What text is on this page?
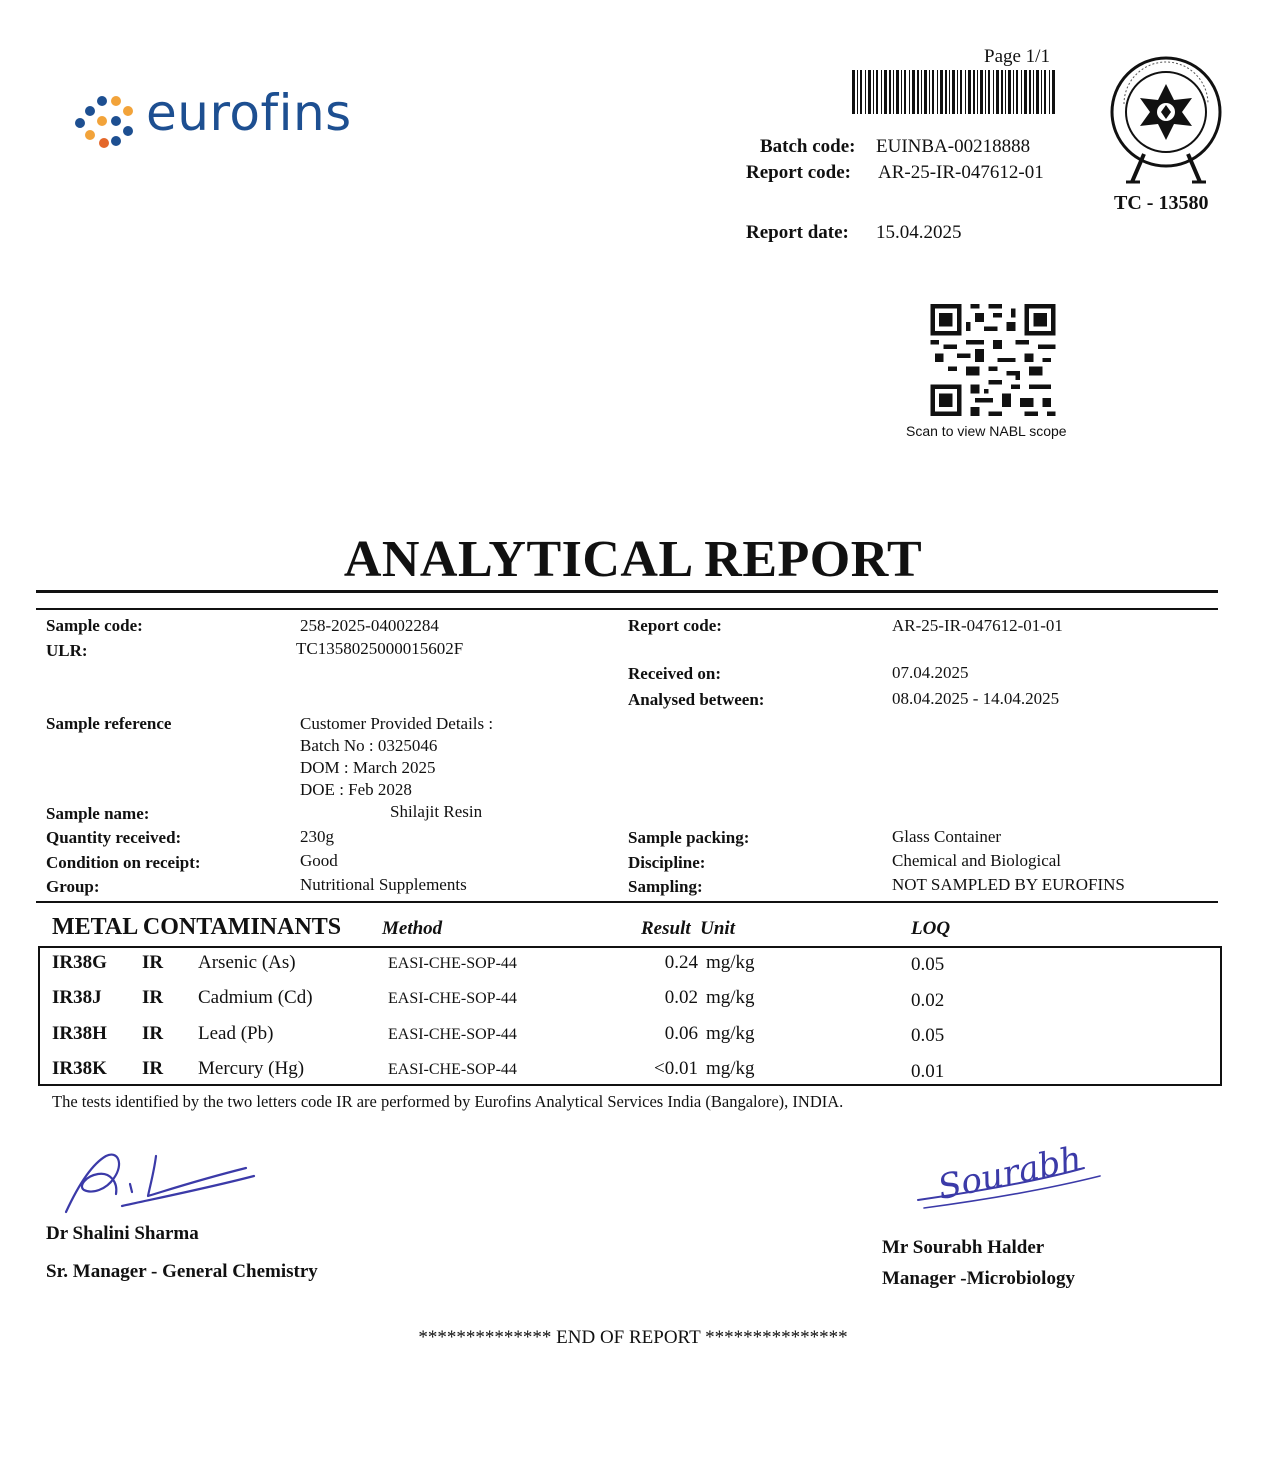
eurofins
Page 1/1
Batch code: EUINBA-00218888
Report code: AR-25-IR-047612-01
Report date: 15.04.2025
TC - 13580
Scan to view NABL scope
ANALYTICAL REPORT
Sample code:	258-2025-04002284
ULR:	TC1358025000015602F
Sample reference	Customer Provided Details :
Batch No : 0325046
DOM : March 2025
DOE : Feb 2028
Sample name:	Shilajit Resin
Quantity received:	230g
Condition on receipt:	Good
Group:	Nutritional Supplements
Report code:	AR-25-IR-047612-01-01
Received on:	07.04.2025
Analysed between:	08.04.2025 - 14.04.2025
Sample packing:	Glass Container
Discipline:	Chemical and Biological
Sampling:	NOT SAMPLED BY EUROFINS
METAL CONTAMINANTS Method	Result  Unit	LOQ
IR38G IR Arsenic (As)	EASI-CHE-SOP-44	0.24 mg/kg	0.05
IR38J IR Cadmium (Cd)	EASI-CHE-SOP-44	0.02 mg/kg	0.02
IR38H IR Lead (Pb)	EASI-CHE-SOP-44	0.06 mg/kg	0.05
IR38K IR Mercury (Hg)	EASI-CHE-SOP-44	<0.01 mg/kg	0.01
The tests identified by the two letters code IR are performed by Eurofins Analytical Services India (Bangalore), INDIA.
Dr Shalini Sharma
Sr. Manager - General Chemistry
Sourabh
Mr Sourabh Halder
Manager -Microbiology
************** END OF REPORT ***************
